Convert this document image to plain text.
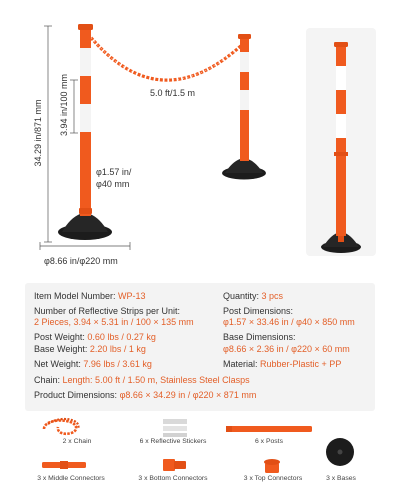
34.29 in/871 mm 3.94 in/100 mm	5.0 ft/1.5 m
φ1.57 in/
φ40 mm
φ8.66 in/φ220 mm
Item Model Number: WP-13	Quantity: 3 pcs
Number of Reflective Strips per Unit:	Post Dimensions:
2 Pieces, 3.94 × 5.31 in / 100 × 135 mm	φ1.57 × 33.46 in / φ40 × 850 mm
Post Weight: 0.60 lbs / 0.27 kg	Base Dimensions:
Base Weight: 2.20 lbs / 1 kg	φ8.66 × 2.36 in / φ220 × 60 mm
Net Weight: 7.96 lbs / 3.61 kg	Material: Rubber-Plastic + PP
Chain: Length: 5.00 ft / 1.50 m, Stainless Steel Clasps
Product Dimensions: φ8.66 × 34.29 in / φ220 × 871 mm
2 x Chain	6 x Reflective Stickers	6 x Posts
3 x Middle Connectors	3 x Bottom Connectors	3 x Top Connectors	3 x Bases
